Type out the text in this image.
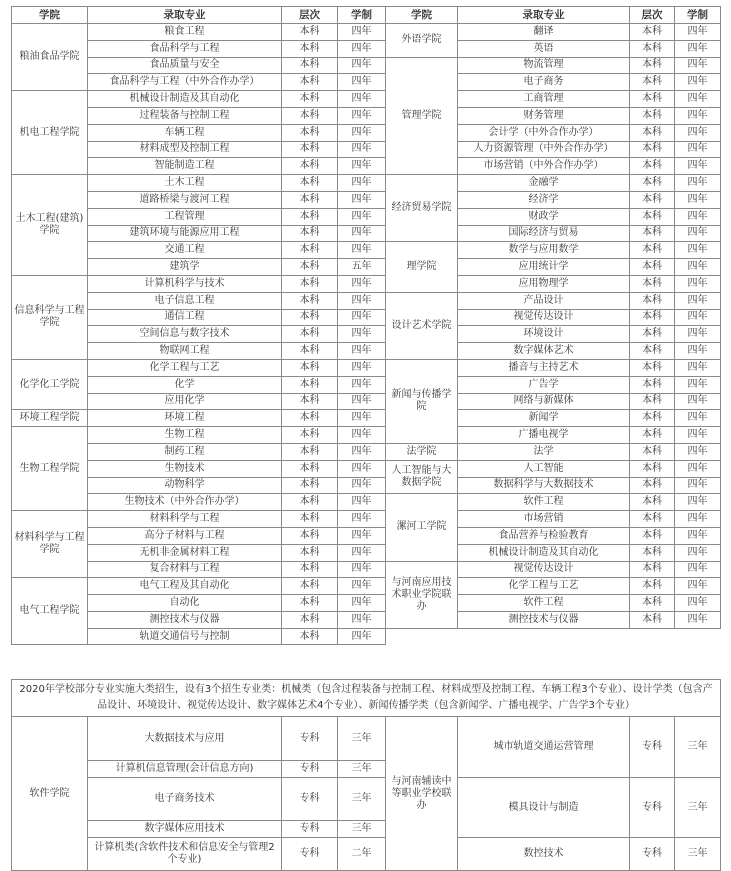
学院	录取专业	层次	学制	学院	录取专业	层次	学制
粮油食品学院	粮食工程	本科	四年	外语学院	翻译	本科	四年
	食品科学与工程	本科	四年		英语	本科	四年
	食品质量与安全	本科	四年	管理学院	物流管理	本科	四年
	食品科学与工程（中外合作办学）	本科	四年		电子商务	本科	四年
机电工程学院	机械设计制造及其自动化	本科	四年		工商管理	本科	四年
	过程装备与控制工程	本科	四年		财务管理	本科	四年
	车辆工程	本科	四年		会计学（中外合作办学）	本科	四年
	材料成型及控制工程	本科	四年		人力资源管理（中外合作办学）	本科	四年
	智能制造工程	本科	四年		市场营销（中外合作办学）	本科	四年
土木工程(建筑)学院	土木工程	本科	四年	经济贸易学院	金融学	本科	四年
	道路桥梁与渡河工程	本科	四年		经济学	本科	四年
	工程管理	本科	四年		财政学	本科	四年
	建筑环境与能源应用工程	本科	四年		国际经济与贸易	本科	四年
	交通工程	本科	四年	理学院	数学与应用数学	本科	四年
	建筑学	本科	五年		应用统计学	本科	四年
信息科学与工程学院	计算机科学与技术	本科	四年		应用物理学	本科	四年
	电子信息工程	本科	四年	设计艺术学院	产品设计	本科	四年
	通信工程	本科	四年		视觉传达设计	本科	四年
	空间信息与数字技术	本科	四年		环境设计	本科	四年
	物联网工程	本科	四年		数字媒体艺术	本科	四年
化学化工学院	化学工程与工艺	本科	四年	新闻与传播学院	播音与主持艺术	本科	四年
	化学	本科	四年		广告学	本科	四年
	应用化学	本科	四年		网络与新媒体	本科	四年
环境工程学院	环境工程	本科	四年		新闻学	本科	四年
生物工程学院	生物工程	本科	四年		广播电视学	本科	四年
	制药工程	本科	四年	法学院	法学	本科	四年
	生物技术	本科	四年	人工智能与大数据学院	人工智能	本科	四年
	动物科学	本科	四年		数据科学与大数据技术	本科	四年
	生物技术（中外合作办学）	本科	四年	漯河工学院	软件工程	本科	四年
材料科学与工程学院	材料科学与工程	本科	四年		市场营销	本科	四年
	高分子材料与工程	本科	四年		食品营养与检验教育	本科	四年
	无机非金属材料工程	本科	四年		机械设计制造及其自动化	本科	四年
	复合材料与工程	本科	四年	与河南应用技术职业学院联办	视觉传达设计	本科	四年
电气工程学院	电气工程及其自动化	本科	四年		化学工程与工艺	本科	四年
	自动化	本科	四年		软件工程	本科	四年
	测控技术与仪器	本科	四年		测控技术与仪器	本科	四年
	轨道交通信号与控制	本科	四年				
2020年学校部分专业实施大类招生，设有3个招生专业类：机械类（包含过程装备与控制工程、材料成型及控制工程、车辆工程3个专业）、设计学类（包含产品设计、环境设计、视觉传达设计、数字媒体艺术4个专业）、新闻传播学类（包含新闻学、广播电视学、广告学3个专业）							
软件学院	大数据技术与应用	专科	三年	与河南辅读中等职业学校联办	城市轨道交通运营管理	专科	三年
	计算机信息管理(会计信息方向)	专科	三年				
	电子商务技术	专科	三年		模具设计与制造	专科	三年
	数字媒体应用技术	专科	三年				
	计算机类(含软件技术和信息安全与管理2个专业)	专科	二年		数控技术	专科	三年
